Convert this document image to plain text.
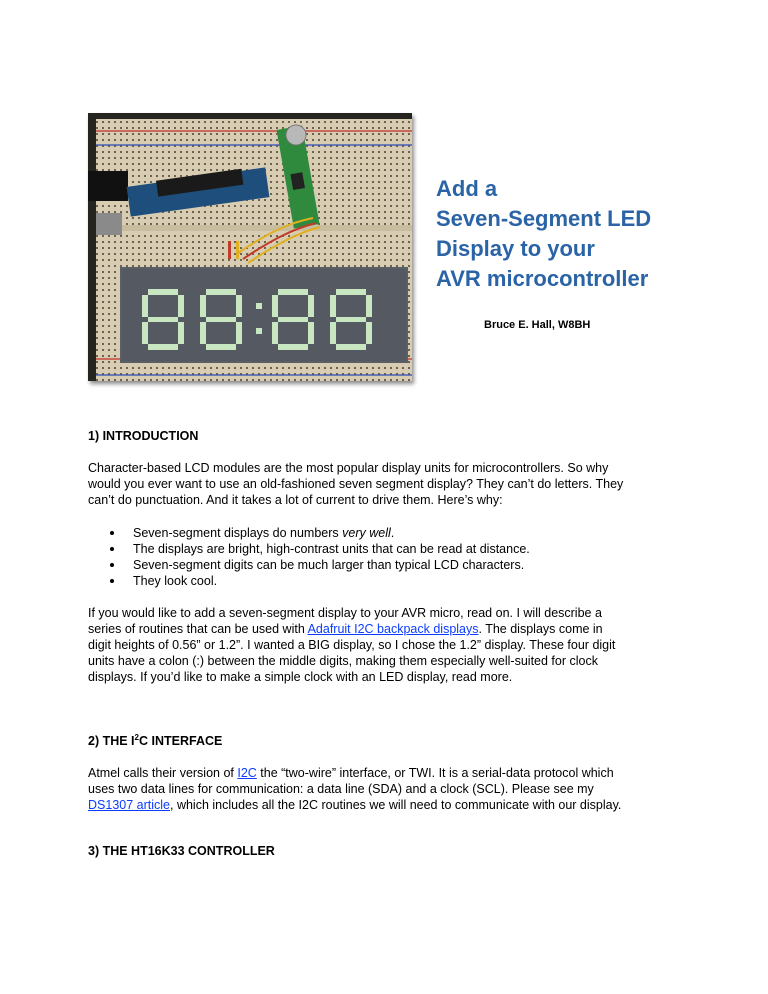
Add a
Seven-Segment LED
Display to your
AVR microcontroller
Bruce E. Hall, W8BH
1) INTRODUCTION

Character-based LCD modules are the most popular display units for microcontrollers. So why

would you ever want to use an old-fashioned seven segment display? They can’t do letters. They

can’t do punctuation. And it takes a lot of current to drive them. Here’s why:

Seven-segment displays do numbers very well.
The displays are bright, high-contrast units that can be read at distance.
Seven-segment digits can be much larger than typical LCD characters.
They look cool.

If you would like to add a seven-segment display to your AVR micro, read on. I will describe a

series of routines that can be used with Adafruit I2C backpack displays. The displays come in

digit heights of 0.56” or 1.2”. I wanted a BIG display, so I chose the 1.2” display. These four digit

units have a colon (:) between the middle digits, making them especially well-suited for clock

displays. If you’d like to make a simple clock with an LED display, read more.

2) THE $I^2C$ INTERFACE

Atmel calls their version of I2C the “two-wire” interface, or TWI. It is a serial-data protocol which

uses two data lines for communication: a data line (SDA) and a clock (SCL). Please see my

DS1307 article, which includes all the I2C routines we will need to communicate with our display.

3) THE HT16K33 CONTROLLER
